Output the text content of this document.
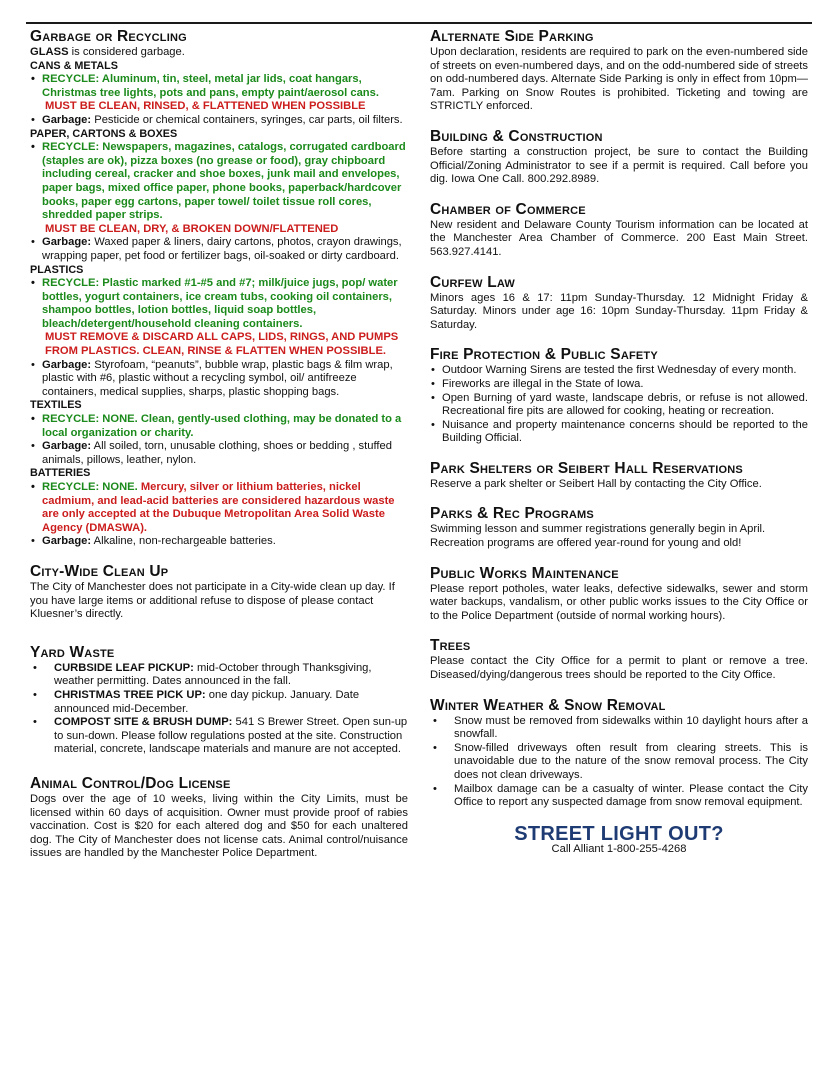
Garbage or Recycling

GLASS is considered garbage.

CANS & METALS

• RECYCLE: Aluminum, tin, steel, metal jar lids, coat hangars, Christmas tree lights, pots and pans, empty paint/aerosol cans.

MUST BE CLEAN, RINSED, & FLATTENED WHEN POSSIBLE

• Garbage: Pesticide or chemical containers, syringes, car parts, oil filters.

PAPER, CARTONS & BOXES

• RECYCLE: Newspapers, magazines, catalogs, corrugated cardboard (staples are ok), pizza boxes (no grease or food), gray chipboard including cereal, cracker and shoe boxes, junk mail and envelopes, paper bags, mixed office paper, phone books, paperback/hardcover books, paper egg cartons, paper towel/ toilet tissue roll cores, shredded paper strips.

MUST BE CLEAN, DRY, & BROKEN DOWN/FLATTENED

• Garbage: Waxed paper & liners, dairy cartons, photos, crayon drawings, wrapping paper, pet food or fertilizer bags, oil-soaked or dirty cardboard.

PLASTICS

• RECYCLE: Plastic marked #1-#5 and #7; milk/juice jugs, pop/ water bottles, yogurt containers, ice cream tubs, cooking oil containers, shampoo bottles, lotion bottles, liquid soap bottles, bleach/detergent/household cleaning containers.

MUST REMOVE & DISCARD ALL CAPS, LIDS, RINGS, AND PUMPS FROM PLASTICS. CLEAN, RINSE & FLATTEN WHEN POSSIBLE.

• Garbage: Styrofoam, “peanuts”, bubble wrap, plastic bags & film wrap, plastic with #6, plastic without a recycling symbol, oil/ antifreeze containers, medical supplies, sharps, plastic shopping bags.

TEXTILES

• RECYCLE: NONE. Clean, gently-used clothing, may be donated to a local organization or charity.
• Garbage: All soiled, torn, unusable clothing, shoes or bedding , stuffed animals, pillows, leather, nylon.

BATTERIES

• RECYCLE: NONE. Mercury, silver or lithium batteries, nickel cadmium, and lead-acid batteries are considered hazardous waste are only accepted at the Dubuque Metropolitan Area Solid Waste Agency (DMASWA).
• Garbage: Alkaline, non-rechargeable batteries.
City-Wide Clean Up

The City of Manchester does not participate in a City-wide clean up day. If you have large items or additional refuse to dispose of please contact Kluesner’s directly.

Yard Waste
• CURBSIDE LEAF PICKUP: mid-October through Thanksgiving, weather permitting. Dates announced in the fall.
• CHRISTMAS TREE PICK UP: one day pickup. January. Date announced mid-December.
• COMPOST SITE & BRUSH DUMP: 541 S Brewer Street. Open sun-up to sun-down. Please follow regulations posted at the site. Construction material, concrete, landscape materials and manure are not accepted.
Animal Control/Dog License

Dogs over the age of 10 weeks, living within the City Limits, must be licensed within 60 days of acquisition. Owner must provide proof of rabies vaccination. Cost is $20 for each altered dog and $50 for each unaltered dog. The City of Manchester does not license cats. Animal control/nuisance issues are handled by the Manchester Police Department.

Alternate Side Parking

Upon declaration, residents are required to park on the even-numbered side of streets on even-numbered days, and on the odd-numbered side of streets on odd-numbered days. Alternate Side Parking is only in effect from 10pm—7am. Parking on Snow Routes is prohibited. Ticketing and towing are STRICTLY enforced.

Building & Construction

Before starting a construction project, be sure to contact the Building Official/Zoning Administrator to see if a permit is required. Call before you dig. Iowa One Call. 800.292.8989.

Chamber of Commerce

New resident and Delaware County Tourism information can be located at the Manchester Area Chamber of Commerce. 200 East Main Street. 563.927.4141.

Curfew Law

Minors ages 16 & 17: 11pm Sunday-Thursday. 12 Midnight Friday & Saturday. Minors under age 16: 10pm Sunday-Thursday. 11pm Friday & Saturday.

Fire Protection & Public Safety
• Outdoor Warning Sirens are tested the first Wednesday of every month.
• Fireworks are illegal in the State of Iowa.
• Open Burning of yard waste, landscape debris, or refuse is not allowed. Recreational fire pits are allowed for cooking, heating or recreation.
• Nuisance and property maintenance concerns should be reported to the Building Official.
Park Shelters or Seibert Hall Reservations

Reserve a park shelter or Seibert Hall by contacting the City Office.

Parks & Rec Programs

Swimming lesson and summer registrations generally begin in April. Recreation programs are offered year-round for young and old!

Public Works Maintenance

Please report potholes, water leaks, defective sidewalks, sewer and storm water backups, vandalism, or other public works issues to the City Office or to the Police Department (outside of normal working hours).

Trees

Please contact the City Office for a permit to plant or remove a tree. Diseased/dying/dangerous trees should be reported to the City Office.

Winter Weather & Snow Removal
• Snow must be removed from sidewalks within 10 daylight hours after a snowfall.
• Snow-filled driveways often result from clearing streets. This is unavoidable due to the nature of the snow removal process. The City does not clean driveways.
• Mailbox damage can be a casualty of winter. Please contact the City Office to report any suspected damage from snow removal equipment.
STREET LIGHT OUT?
Call Alliant 1-800-255-4268
